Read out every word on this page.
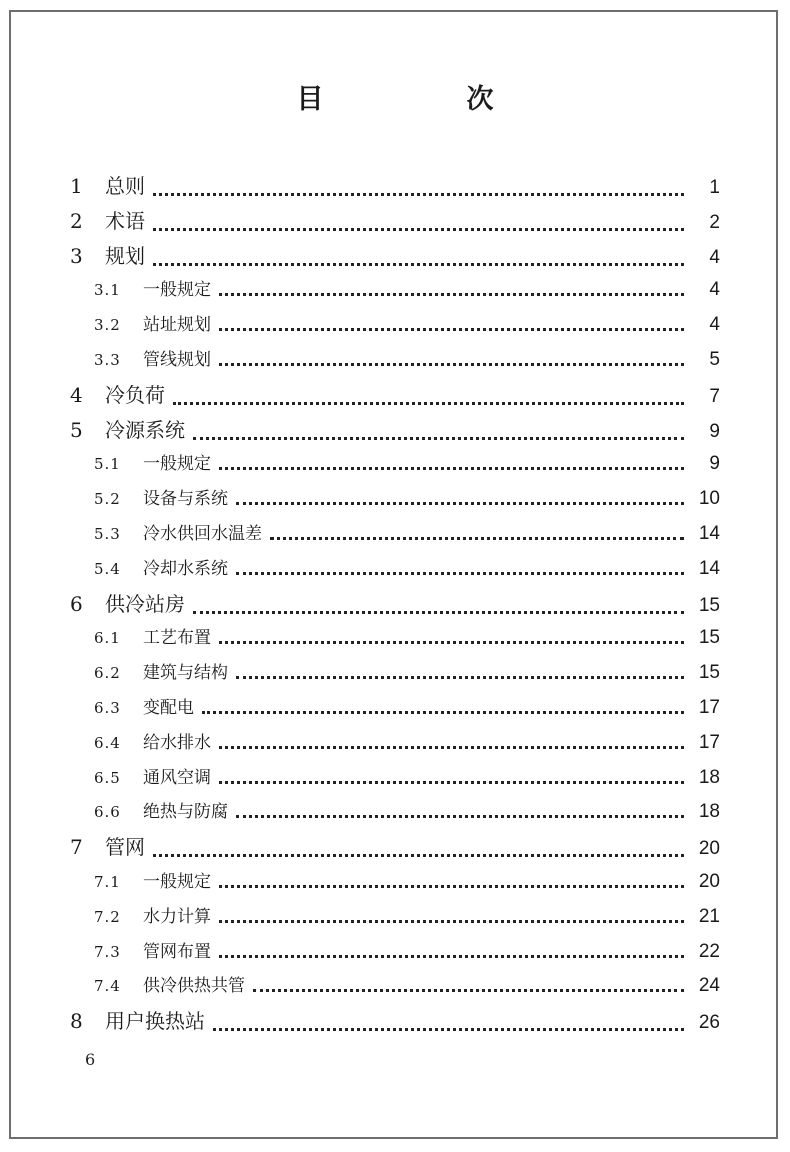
目　次
1	总则	1
2	术语	2
3	规划	4
3.1	一般规定	4
3.2	站址规划	4
3.3	管线规划	5
4	冷负荷	7
5	冷源系统	9
5.1	一般规定	9
5.2	设备与系统	10
5.3	冷水供回水温差	14
5.4	冷却水系统	14
6	供冷站房	15
6.1	工艺布置	15
6.2	建筑与结构	15
6.3	变配电	17
6.4	给水排水	17
6.5	通风空调	18
6.6	绝热与防腐	18
7	管网	20
7.1	一般规定	20
7.2	水力计算	21
7.3	管网布置	22
7.4	供冷供热共管	24
8	用户换热站	26
6
